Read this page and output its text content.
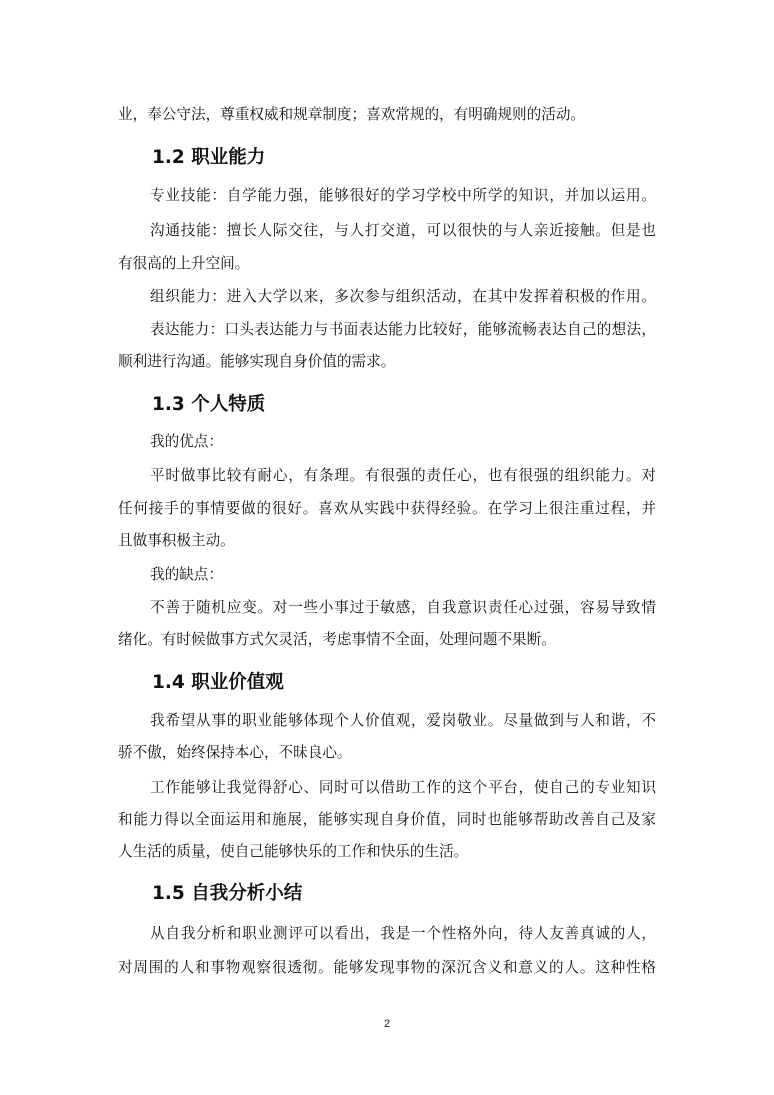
业，奉公守法，尊重权威和规章制度；喜欢常规的，有明确规则的活动。
1.2 职业能力
专业技能：自学能力强，能够很好的学习学校中所学的知识，并加以运用。
沟通技能：擅长人际交往，与人打交道，可以很快的与人亲近接触。但是也
有很高的上升空间。
组织能力：进入大学以来，多次参与组织活动，在其中发挥着积极的作用。
表达能力：口头表达能力与书面表达能力比较好，能够流畅表达自己的想法，
顺利进行沟通。能够实现自身价值的需求。
1.3 个人特质
我的优点：
平时做事比较有耐心，有条理。有很强的责任心，也有很强的组织能力。对
任何接手的事情要做的很好。喜欢从实践中获得经验。在学习上很注重过程，并
且做事积极主动。
我的缺点：
不善于随机应变。对一些小事过于敏感，自我意识责任心过强，容易导致情
绪化。有时候做事方式欠灵活，考虑事情不全面，处理问题不果断。
1.4 职业价值观
我希望从事的职业能够体现个人价值观，爱岗敬业。尽量做到与人和谐，不
骄不傲，始终保持本心，不昧良心。
工作能够让我觉得舒心、同时可以借助工作的这个平台，使自己的专业知识
和能力得以全面运用和施展，能够实现自身价值，同时也能够帮助改善自己及家
人生活的质量，使自己能够快乐的工作和快乐的生活。
1.5 自我分析小结
从自我分析和职业测评可以看出，我是一个性格外向，待人友善真诚的人，
对周围的人和事物观察很透彻。能够发现事物的深沉含义和意义的人。这种性格
2
